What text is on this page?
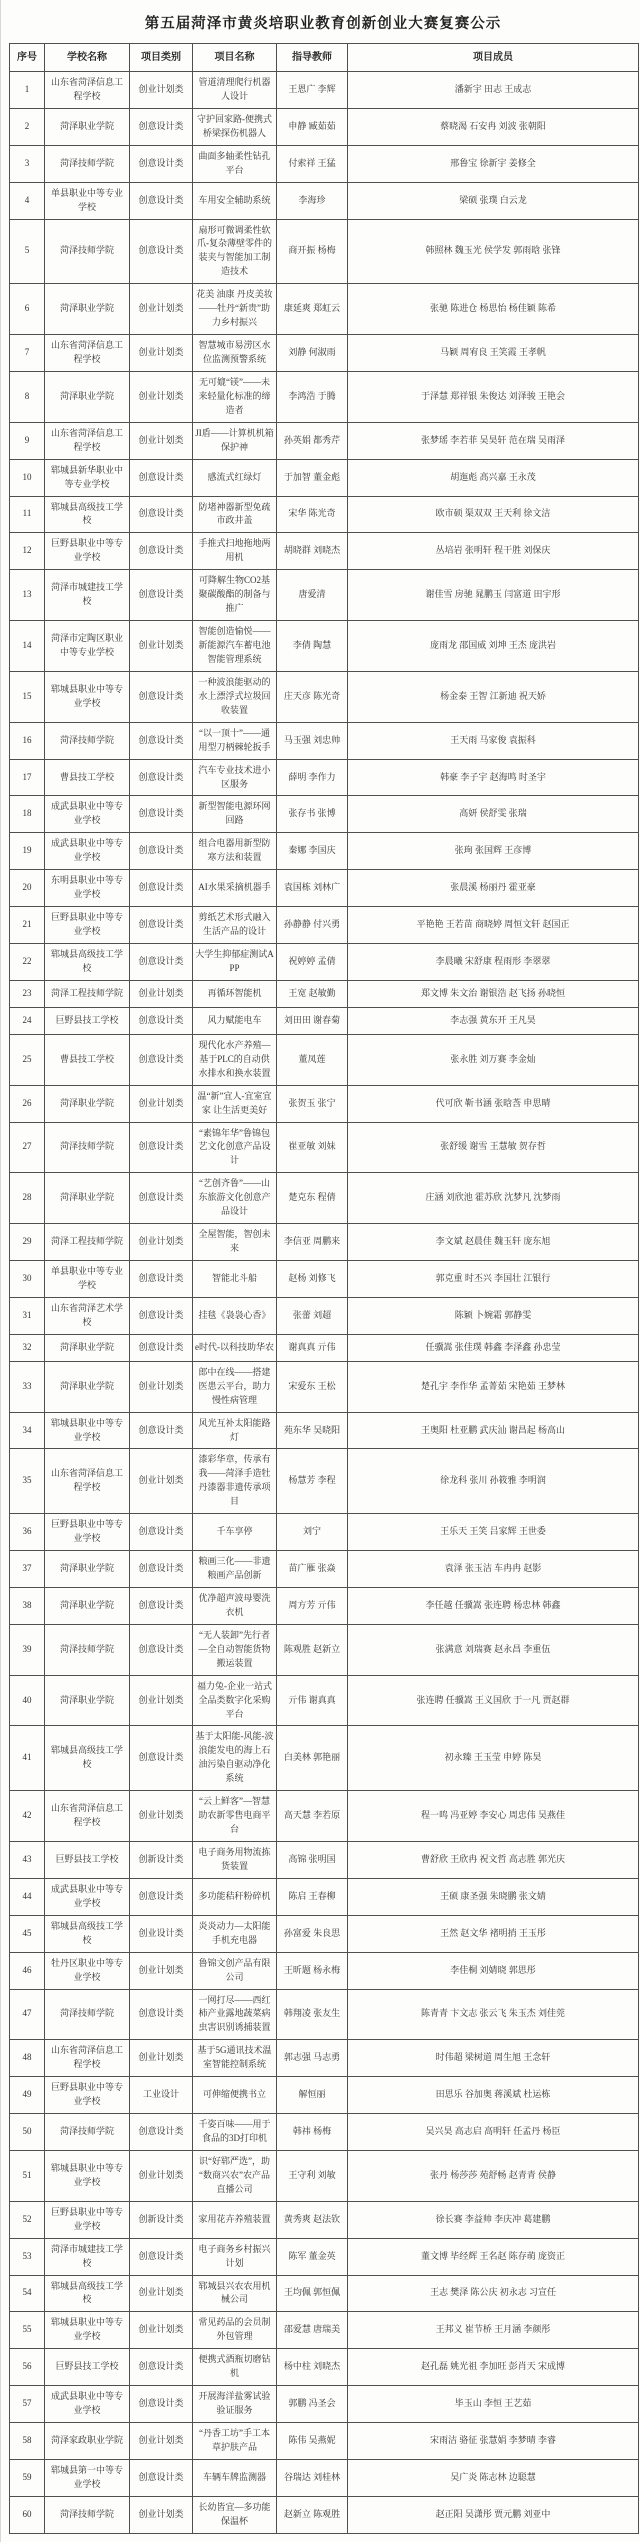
第五届菏泽市黄炎培职业教育创新创业大赛复赛公示
序号	学校名称	项目类别	项目名称	指导教师	项目成员
1	山东省菏泽信息工程学校	创业计划类	管道清理爬行机器人设计	王恩广 李辉	潘新宇 田志 王成志
2	菏泽职业学院	创意设计类	守护回家路-便携式桥梁探伤机器人	申静 臧茹茹	蔡晓渴 石安冉 刘波 张朝阳
3	菏泽技师学院	创意设计类	曲面多轴柔性钻孔平台	付索祥 王猛	邢鲁宝 徐新宇 姜修全
4	单县职业中等专业学校	创意设计类	车用安全辅助系统	李海珍	梁硕 张璞 白云龙
5	菏泽技师学院	创意设计类	扇形可微调柔性软爪-复杂薄壁零件的装夹与智能加工制造技术	商开振 杨梅	韩照林 魏玉光 侯学发 郭雨晗 张锋
6	菏泽职业学院	创业计划类	花美 油康 丹皮美妆——牡丹“新贵”助力乡村振兴	康延爽 郑虹云	张驰 陈进仓 杨思怡 杨佳颖 陈希
7	山东省菏泽信息工程学校	创业计划类	智慧城市易涝区水位监测预警系统	刘静 何淑雨	马颖 周宥良 王笑霞 王孝帆
8	菏泽职业学院	创业计划类	无可媲“镁”——未来轻量化标准的缔造者	李鸿浩 于腾	于泽慧 郑祥银 朱俊达 刘泽骏 王艳会
9	山东省菏泽信息工程学校	创业计划类	JI盾——计算机机箱保护神	孙英娟 都秀芹	张梦瑶 李若菲 吴昊轩 范在瑞 吴雨泽
10	郓城县新华职业中等专业学校	创意设计类	感流式红绿灯	于加智 董金彪	胡迤彪 高兴嘉 王永茂
11	郓城县高级技工学校	创意设计类	防堵神器新型免疏市政井盖	宋华 陈光奇	欧市硕 渠双双 王天利 徐文洁
12	巨野县职业中等专业学校	创意设计类	手推式扫地拖地两用机	胡晓群 刘晓杰	丛培岩 张明轩 程干胜 刘保庆
13	菏泽市城建技工学校	创意设计类	可降解生物CO2基聚碳酸酯的制备与推广	唐爱清	谢佳雪 房驰 晁鹏玉 闫富道 田宇形
14	菏泽市定陶区职业中等专业学校	创业计划类	智能创造愉悦——新能源汽车蓄电池智能管理系统	李倩 陶慧	庞雨龙 邵国威 刘坤 王杰 庞洪岩
15	郓城县职业中等专业学校	创意设计类	一种波浪能驱动的水上漂浮式垃圾回收装置	庄天彦 陈光奇	杨金泰 王智 江新迪 祝天娇
16	菏泽技师学院	创意设计类	“以一顶十”——通用型刀柄棘轮扳手	马玉强 刘忠帅	王天雨 马家俊 袁振科
17	曹县技工学校	创意设计类	汽车专业技术进小区服务	薛明 李作力	韩豪 李子宇 赵海鸣 时圣宇
18	成武县职业中等专业学校	创意设计类	新型智能电源环网回路	张存书 张博	高妍 侯舒雯 张瑞
19	成武县职业中等专业学校	创意设计类	组合电器用新型防寒方法和装置	秦娜 李国庆	张珣 张国辉 王彦博
20	东明县职业中等专业学校	创意设计类	AI水果采摘机器手	袁国栋 刘林广	张晨溪 杨丽丹 霍亚豪
21	巨野县职业中等专业学校	创意设计类	剪纸艺术形式融入生活产品的设计	孙静静 付兴勇	平艳艳 王若苗 商晓婷 周恒文轩 赵国正
22	郓城县高级技工学校	创意设计类	大学生抑郁症测试APP	祝婷婷 孟倩	李晨曦 宋舒康 程雨形 李翠翠
23	菏泽工程技师学院	创业计划类	再循环智能机	王宽 赵敏勤	郑文博 朱文治 谢银浩 赵飞扬 孙晓恒
24	巨野县技工学校	创意设计类	风力赋能电车	刘田田 谢春菊	李志强 黄东开 王凡昊
25	曹县技工学校	创意设计类	现代化水产养殖—基于PLC的自动供水排水和换水装置	董凤莲	张永胜 刘万赛 李金灿
26	菏泽职业学院	创业计划类	温“新”宜人-宜室宜家 让生活更美好	张贺玉 张宁	代可欣 靳书涵 张晗莟 申思晴
27	菏泽技师学院	创意设计类	“素锦年华”鲁锦包艺文化创意产品设计	崔亚敏 刘妹	张舒缓 谢雪 王慧敏 贺存哲
28	菏泽职业学院	创意设计类	“艺创齐鲁”——山东旅游文化创意产品设计	楚克东 程倩	庄涵 刘欣池 霍苏欣 沈梦凡 沈梦雨
29	菏泽工程技师学院	创业计划类	全屋智能，智创未来	李信亚 周鹏来	李文斌 赵晨佳 魏玉轩 庞东旭
30	单县职业中等专业学校	创意设计类	智能北斗船	赵杨 刘修飞	郭克重 时丕兴 李国壮 江银行
31	山东省菏泽艺术学校	创意设计类	挂毯《袅袅心香》	张蕾 刘超	陈颖 卜婉霜 郭静雯
32	菏泽职业学院	创意设计类	e时代-以科技助华农	谢真真 亓伟	任骥嵩 张佳璞 韩鑫 李泽鑫 孙忠莹
33	菏泽职业学院	创业计划类	郎中在线——搭建医患云平台，助力慢性病管理	宋爱东 王松	楚孔宇 李作华 孟菁茹 宋艳茹 王梦林
34	郓城县职业中等专业学校	创意设计类	风光互补太阳能路灯	苑东华 吴晓阳	王奥阳 杜亚鹏 武庆汕 谢昌起 杨高山
35	山东省菏泽信息工程学校	创业计划类	漆彩华章，传承有我——菏泽手造牡丹漆器非遗传承项目	杨慧芳 李程	徐龙科 张川 孙筱雅 李明润
36	巨野县职业中等专业学校	创意设计类	千车享停	刘宁	王乐天 王笑 吕家辉 王世委
37	菏泽职业学院	创意设计类	粮画三化——非遗粮画产品创新	苗广雁 张焱	袁泽 张玉洁 车冉冉 赵影
38	菏泽职业学院	创意设计类	优净超声波母婴洗衣机	周方芳 亓伟	李任越 任骥嵩 张连聘 杨忠林 韩鑫
39	菏泽技师学院	创意设计类	“无人装卸”先行者—全自动智能货物搬运装置	陈观胜 赵新立	张满意 刘瑞赛 赵永昌 李重伍
40	菏泽职业学院	创业计划类	福力兔-企业一站式全品类数字化采购平台	亓伟 谢真真	张连聘 任骥嵩 王义国欣 于一凡 贾赵群
41	郓城县高级技工学校	创意设计类	基于太阳能-风能-波浪能发电的海上石油污染自驱动净化系统	白美林 郭艳丽	初永臻 王玉莹 申婷 陈昊
42	山东省菏泽信息工程学校	创业计划类	“云上鲜客”—智慧助农新零售电商平台	高天慧 李若原	程一鸣 冯亚婷 李安心 周忠伟 吴燕佳
43	巨野县技工学校	创新设计类	电子商务用物流拣货装置	高锦 张明国	曹舒欣 王欣冉 祝文哲 高志胜 郭光庆
44	成武县职业中等专业学校	创意设计类	多功能秸秆粉碎机	陈启 王春柳	王硕 康圣强 朱晓鹏 张文婧
45	郓城县高级技工学校	创业设计类	炎炎动力—太阳能手机充电器	孙富爱 朱良思	王然 赵文华 褚明捎 王玉彤
46	牡丹区职业中等专业学校	创业计划类	鲁锦文创产品有限公司	王昕题 杨永梅	李佳桐 刘婧晓 郭思彤
47	菏泽技师学院	创意设计类	一网打尽——西红柿产业露地蔬菜病虫害识别诱捕装置	韩翔凌 张友生	陈青青 卞文志 张云飞 朱玉杰 刘佳莞
48	山东省菏泽信息工程学校	创业计划类	基于5G通讯技术温室智能控制系统	郭志强 马志勇	时伟超 梁树道 周生旭 王念轩
49	巨野县职业中等专业学校	工业设计	可伸缩便携书立	解恒丽	田思乐 谷加奥 蒋溪斌 杜运栋
50	菏泽技师学院	创意设计类	千姿百味——用于食品的3D打印机	韩祎 杨梅	吴兴昊 高志启 高明轩 任孟丹 杨臣
51	郓城县职业中等专业学校	创业计划类	识“好郓严选”，助“数商兴农”农产品直播公司	王守利 刘敏	张丹 杨莎莎 苑舒畅 赵青青 侯静
52	巨野县职业中等专业学校	创新设计类	家用花卉养殖装置	黄秀爽 赵法钦	徐长赛 李益帅 李庆冲 葛建鹏
53	菏泽市城建技工学校	创意设计类	电子商务乡村振兴计划	陈军 董金英	董文博 毕经辉 王名赵 陈存萌 庞资正
54	郓城县高级技工学校	创业计划类	郓城县兴农农用机械公司	王均佩 郭恒佩	王志 樊泽 陈公庆 初永志 习宣任
55	郓城县职业中等专业学校	创业计划类	常见药品的会员制外包管理	邵爱慧 唐瑞美	王邦义 崔节桥 王月涵 李颜彤
56	巨野县技工学校	创意设计类	便携式酒瓶切磨钻机	杨中柱 刘晓杰	赵孔磊 姚光祖 李加旺 彭肖天 宋成博
57	成武县职业中等专业学校	创意设计类	开展海洋盐雾试验验证服务	郭鹏 冯圣会	毕玉山 李恒 王艺茹
58	菏泽家政职业学院	创业计划类	“丹香工坊”手工本草护肤产品	陈伟 吴燕妮	宋雨洁 骆征 张慧娟 李梦晴 李睿
59	郓城县第一中等专业学校	创意设计类	车辆车牌监测器	谷瑞达 刘桂林	吴广炎 陈志林 边聪慧
60	菏泽技师学院	创业计划类	长幼皆宜—多功能保温杯	赵新立 陈观胜	赵正阳 吴潇彤 贾元鹏 刘亚中
